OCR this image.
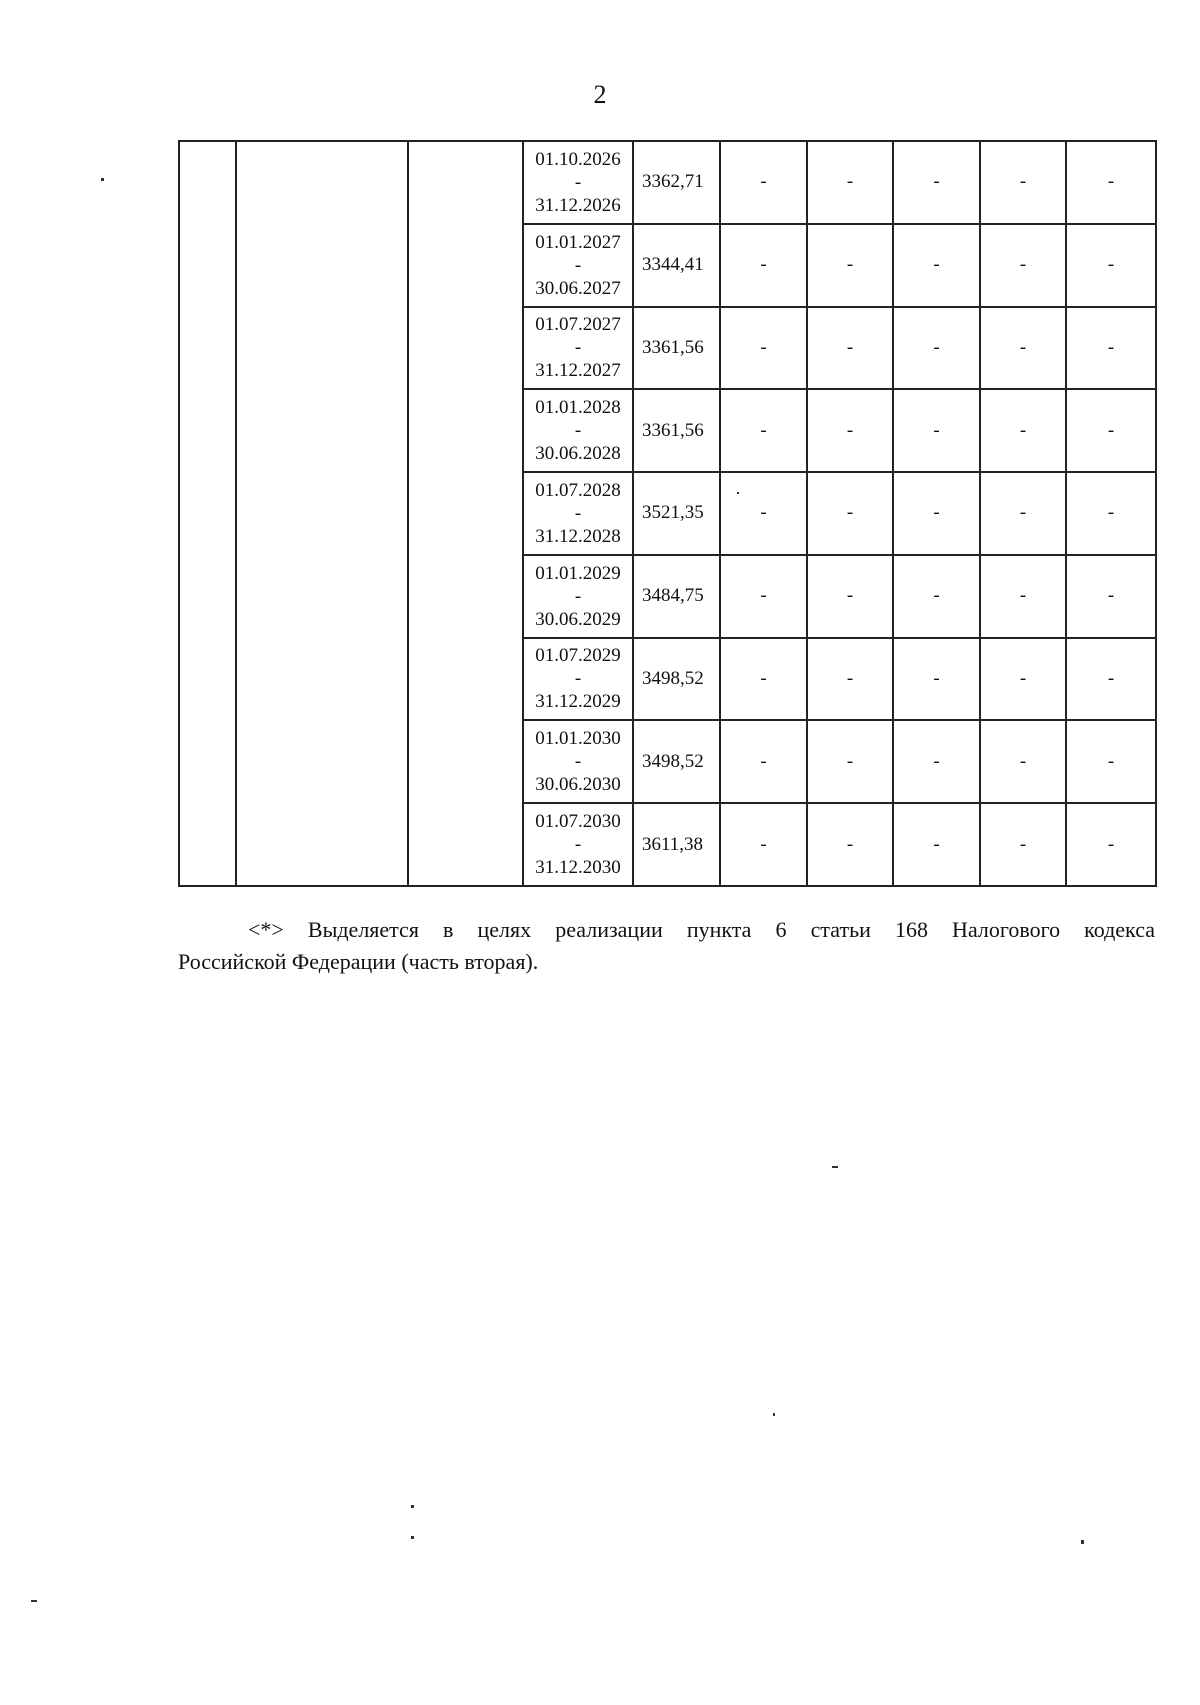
2

			01.10.2026
-
31.12.2026	3362,71	-	-	-	-	-

			01.01.2027
-
30.06.2027	3344,41	-	-	-	-	-

			01.07.2027
-
31.12.2027	3361,56	-	-	-	-	-

			01.01.2028
-
30.06.2028	3361,56	-	-	-	-	-

			01.07.2028
-
31.12.2028	3521,35	-	-	-	-	-

			01.01.2029
-
30.06.2029	3484,75	-	-	-	-	-

			01.07.2029
-
31.12.2029	3498,52	-	-	-	-	-

			01.01.2030
-
30.06.2030	3498,52	-	-	-	-	-

			01.07.2030
-
31.12.2030	3611,38	-	-	-	-	-
<*> Выделяется в целях реализации пункта 6 статьи 168 Налогового кодекса
Российской Федерации (часть вторая).
